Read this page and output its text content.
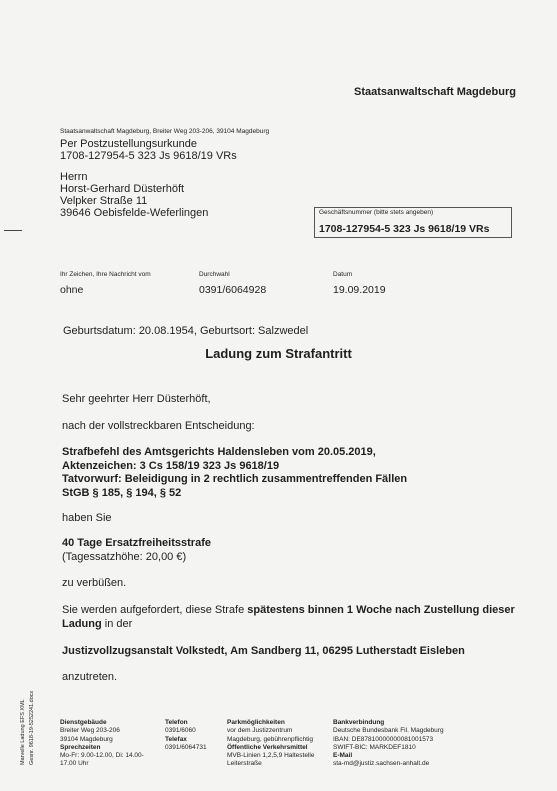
Staatsanwaltschaft Magdeburg
Staatsanwaltschaft Magdeburg, Breiter Weg 203-206, 39104 Magdeburg
Per Postzustellungsurkunde
1708-127954-5 323 Js 9618/19 VRs
Herrn
Horst-Gerhard Düsterhöft
Velpker Straße 11
39646 Oebisfelde-Weferlingen	Geschäftsnummer (bitte stets angeben)
1708-127954-5 323 Js 9618/19 VRs
Ihr Zeichen, Ihre Nachricht vom
ohne
Durchwahl
0391/6064928
Datum
19.09.2019
Geburtsdatum: 20.08.1954, Geburtsort: Salzwedel
Ladung zum Strafantritt
Sehr geehrter Herr Düsterhöft,
nach der vollstreckbaren Entscheidung:
Strafbefehl des Amtsgerichts Haldensleben vom 20.05.2019,
Aktenzeichen: 3 Cs 158/19 323 Js 9618/19
Tatvorwurf: Beleidigung in 2 rechtlich zusammentreffenden Fällen
StGB § 185, § 194, § 52
haben Sie
40 Tage Ersatzfreiheitsstrafe
(Tagessatzhöhe: 20,00 €)
zu verbüßen.
Sie werden aufgefordert, diese Strafe spätestens binnen 1 Woche nach Zustellung dieser
Ladung in der
Justizvollzugsanstalt Volkstedt, Am Sandberg 11, 06295 Lutherstadt Eisleben
anzutreten.
Marvelle Ladung EFS XML Gesnr. 9618-19-5252241.docx	Dienstgebäude
Breiter Weg 203-206
39104 Magdeburg
Sprechzeiten
Mo-Fr: 9.00-12.00, Di: 14.00-
17.00 Uhr
Telefon
0391/6060
Telefax
0391/6064731
Parkmöglichkeiten
vor dem Justizzentrum
Magdeburg, gebührenpflichtig
Öffentliche Verkehrsmittel
MVB-Linien 1,2,5,9 Haltestelle
Leiterstraße
Bankverbindung
Deutsche Bundesbank Fil. Magdeburg
IBAN: DE87810000000081001573
SWIFT-BIC: MARKDEF1810
E-Mail
sta-md@justiz.sachsen-anhalt.de
